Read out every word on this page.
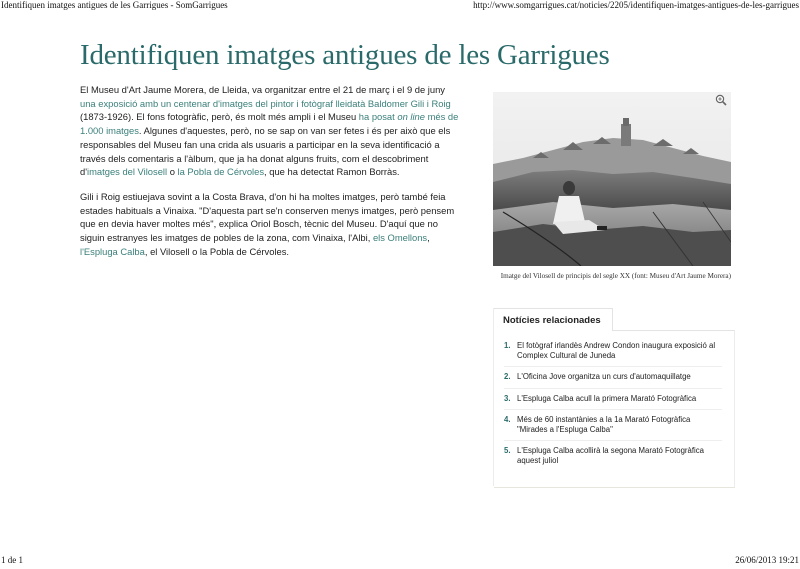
Identifiquen imatges antigues de les Garrigues - SomGarrigues	http://www.somgarrigues.cat/noticies/2205/identifiquen-imatges-antigues-de-les-garrigues
Identifiquen imatges antigues de les Garrigues

El Museu d'Art Jaume Morera, de Lleida, va organitzar entre el 21 de març i el 9 de juny una exposició amb un centenar d'imatges del pintor i fotògraf lleidatà Baldomer Gili i Roig (1873-1926). El fons fotogràfic, però, és molt més ampli i el Museu ha posat on line més de 1.000 imatges. Algunes d'aquestes, però, no se sap on van ser fetes i és per això que els responsables del Museu fan una crida als usuaris a participar en la seva identificació a través dels comentaris a l'àlbum, que ja ha donat alguns fruits, com el descobriment d'imatges del Vilosell o la Pobla de Cérvoles, que ha detectat Ramon Borràs.

Gili i Roig estiuejava sovint a la Costa Brava, d'on hi ha moltes imatges, però també feia estades habituals a Vinaixa. "D'aquesta part se'n conserven menys imatges, però pensem que en devia haver moltes més", explica Oriol Bosch, tècnic del Museu. D'aquí que no siguin estranyes les imatges de pobles de la zona, com Vinaixa, l'Albi, els Omellons, l'Espluga Calba, el Vilosell o la Pobla de Cérvoles.

Imatge del Vilosell de principis del segle XX (font: Museu d'Art Jaume Morera)
Notícies relacionades
1. El fotògraf irlandès Andrew Condon inaugura exposició al Complex Cultural de Juneda
2. L'Oficina Jove organitza un curs d'automaquillatge
3. L'Espluga Calba acull la primera Marató Fotogràfica
4. Més de 60 instantànies a la 1a Marató Fotogràfica "Mirades a l'Espluga Calba"
5. L'Espluga Calba acollirà la segona Marató Fotogràfica aquest juliol
1 de 1	26/06/2013 19:21
